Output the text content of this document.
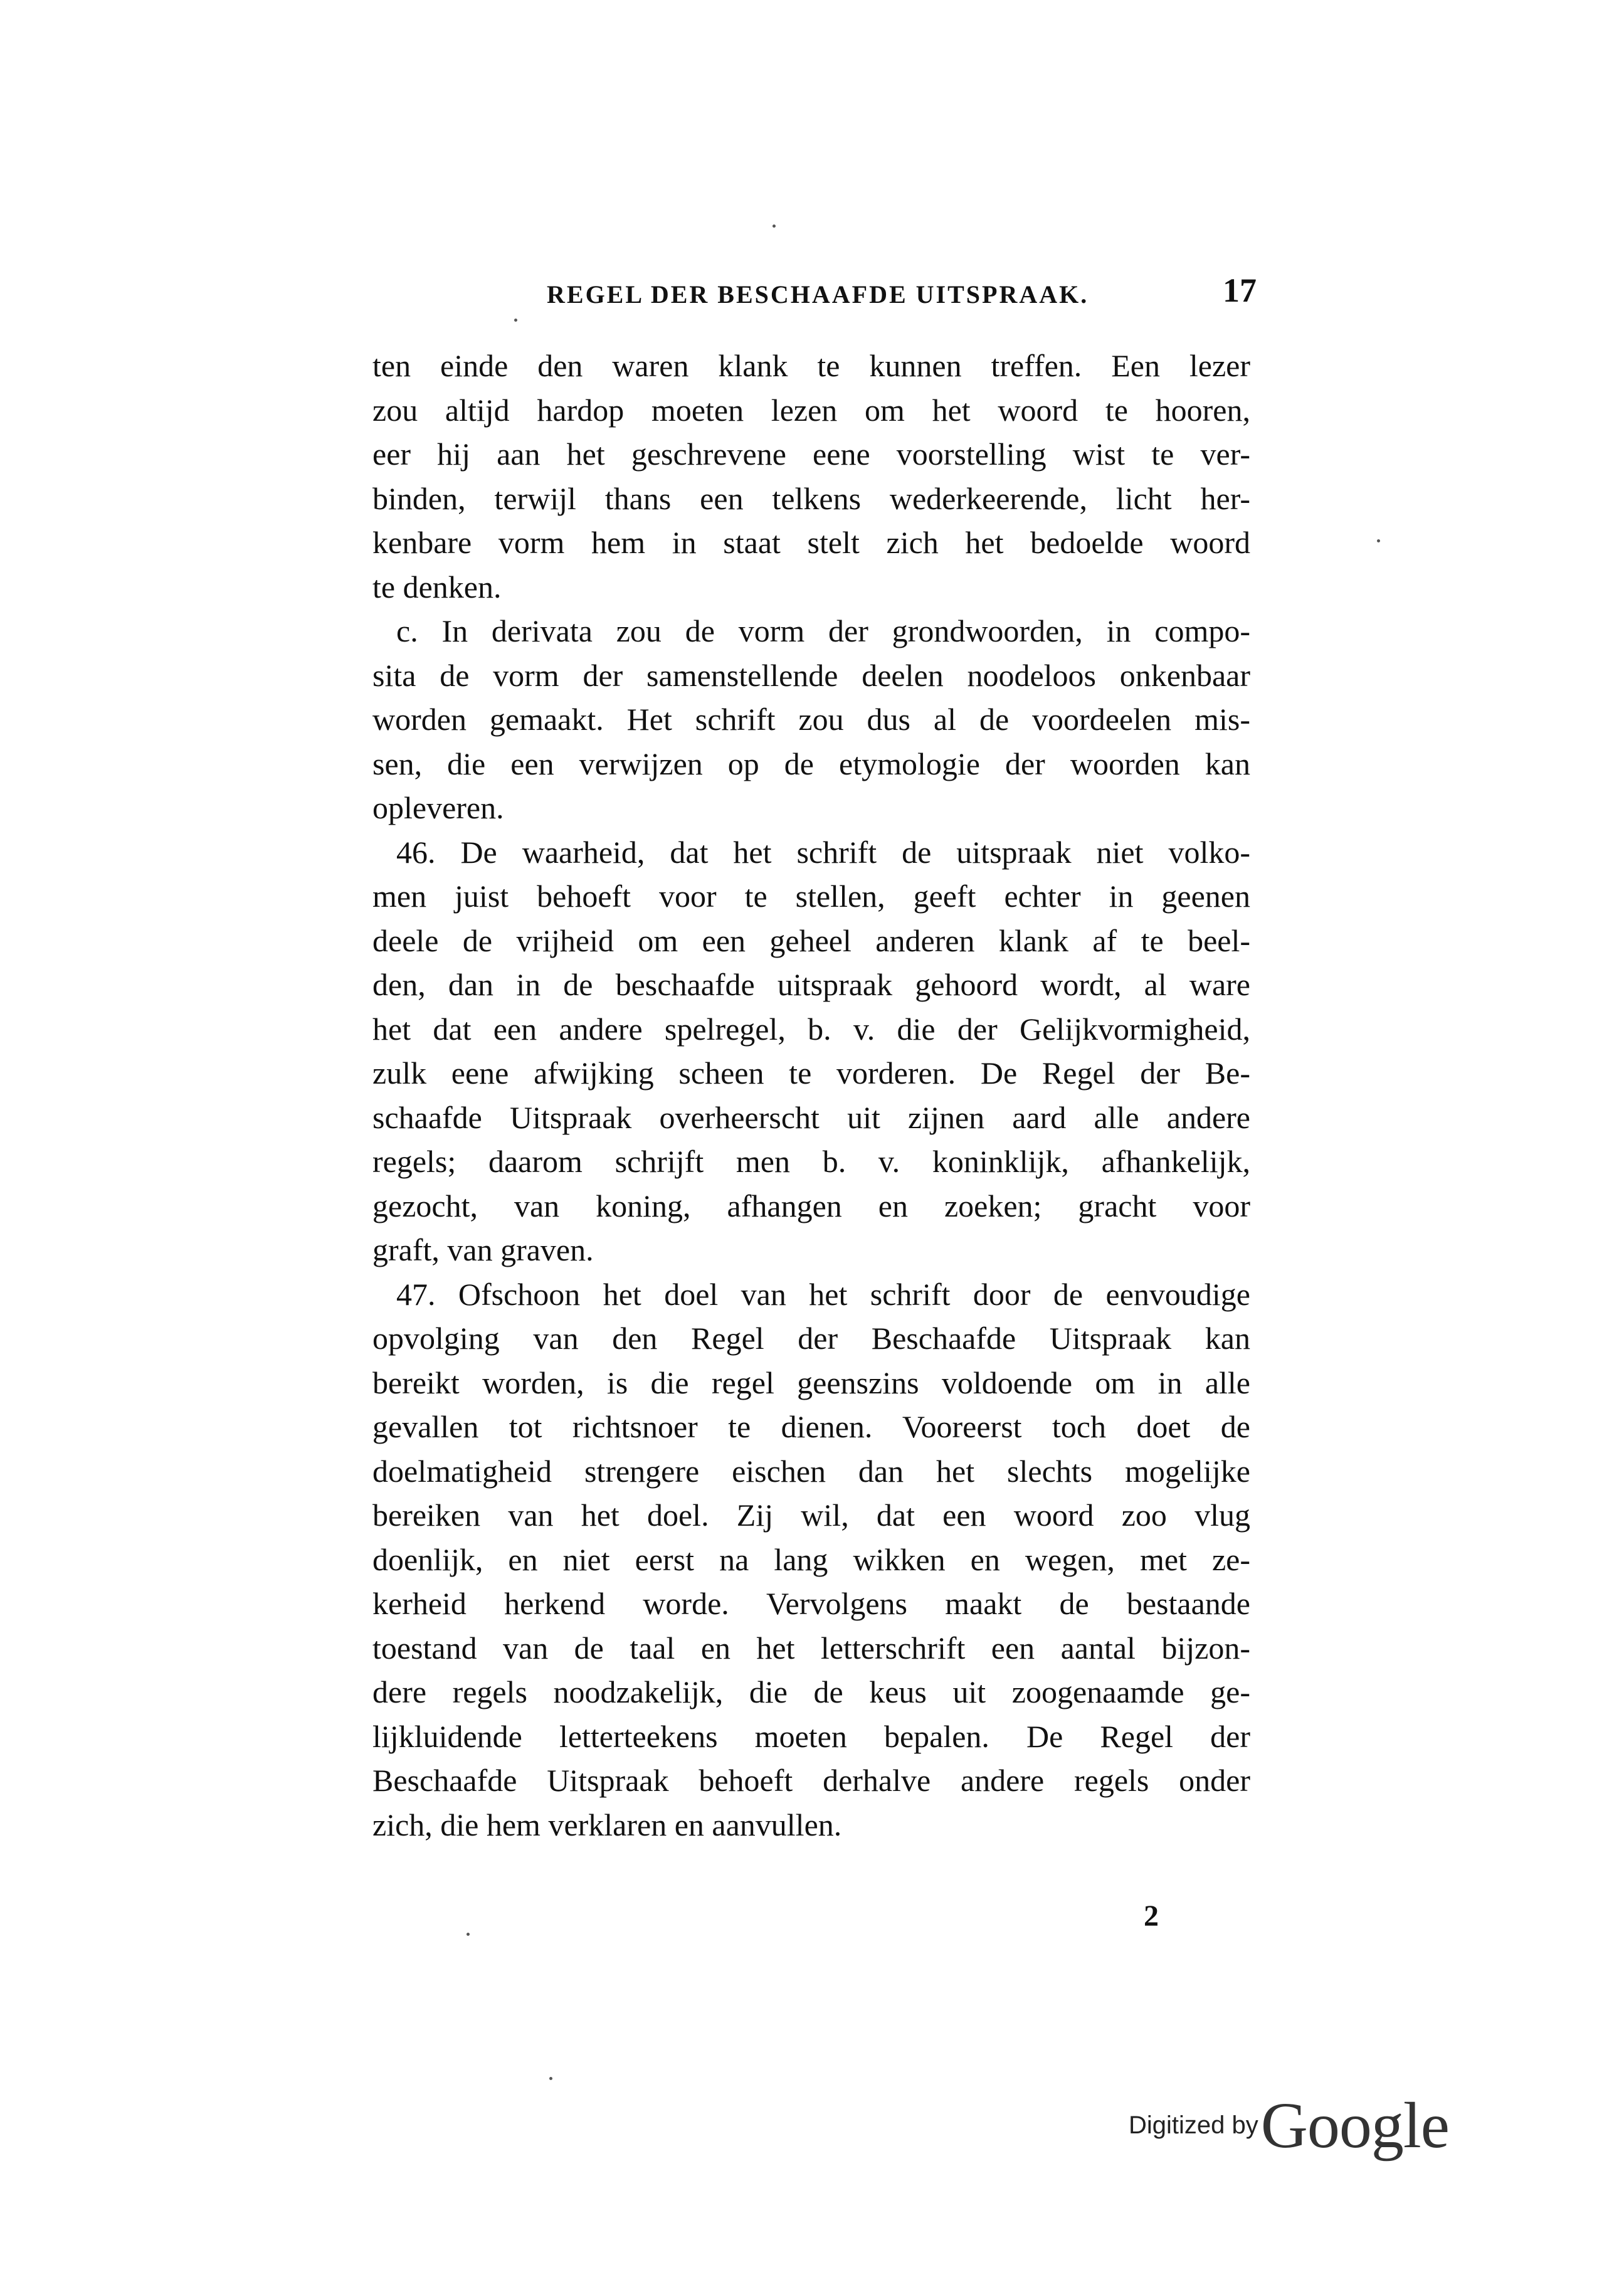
REGEL DER BESCHAAFDE UITSPRAAK.	17
ten einde den waren klank te kunnen treffen. Een lezer
zou altijd hardop moeten lezen om het woord te hooren,
eer hij aan het geschrevene eene voorstelling wist te ver-
binden, terwijl thans een telkens wederkeerende, licht her-
kenbare vorm hem in staat stelt zich het bedoelde woord
te denken.
c. In derivata zou de vorm der grondwoorden, in compo-
sita de vorm der samenstellende deelen noodeloos onkenbaar
worden gemaakt. Het schrift zou dus al de voordeelen mis-
sen, die een verwijzen op de etymologie der woorden kan
opleveren.
46. De waarheid, dat het schrift de uitspraak niet volko-
men juist behoeft voor te stellen, geeft echter in geenen
deele de vrijheid om een geheel anderen klank af te beel-
den, dan in de beschaafde uitspraak gehoord wordt, al ware
het dat een andere spelregel, b. v. die der Gelijkvormigheid,
zulk eene afwijking scheen te vorderen. De Regel der Be-
schaafde Uitspraak overheerscht uit zijnen aard alle andere
regels; daarom schrijft men b. v. koninklijk, afhankelijk,
gezocht, van koning, afhangen en zoeken; gracht voor
graft, van graven.
47. Ofschoon het doel van het schrift door de eenvoudige
opvolging van den Regel der Beschaafde Uitspraak kan
bereikt worden, is die regel geenszins voldoende om in alle
gevallen tot richtsnoer te dienen. Vooreerst toch doet de
doelmatigheid strengere eischen dan het slechts mogelijke
bereiken van het doel. Zij wil, dat een woord zoo vlug
doenlijk, en niet eerst na lang wikken en wegen, met ze-
kerheid herkend worde. Vervolgens maakt de bestaande
toestand van de taal en het letterschrift een aantal bijzon-
dere regels noodzakelijk, die de keus uit zoogenaamde ge-
lijkluidende letterteekens moeten bepalen. De Regel der
Beschaafde Uitspraak behoeft derhalve andere regels onder
zich, die hem verklaren en aanvullen.
2
Digitized by Google
